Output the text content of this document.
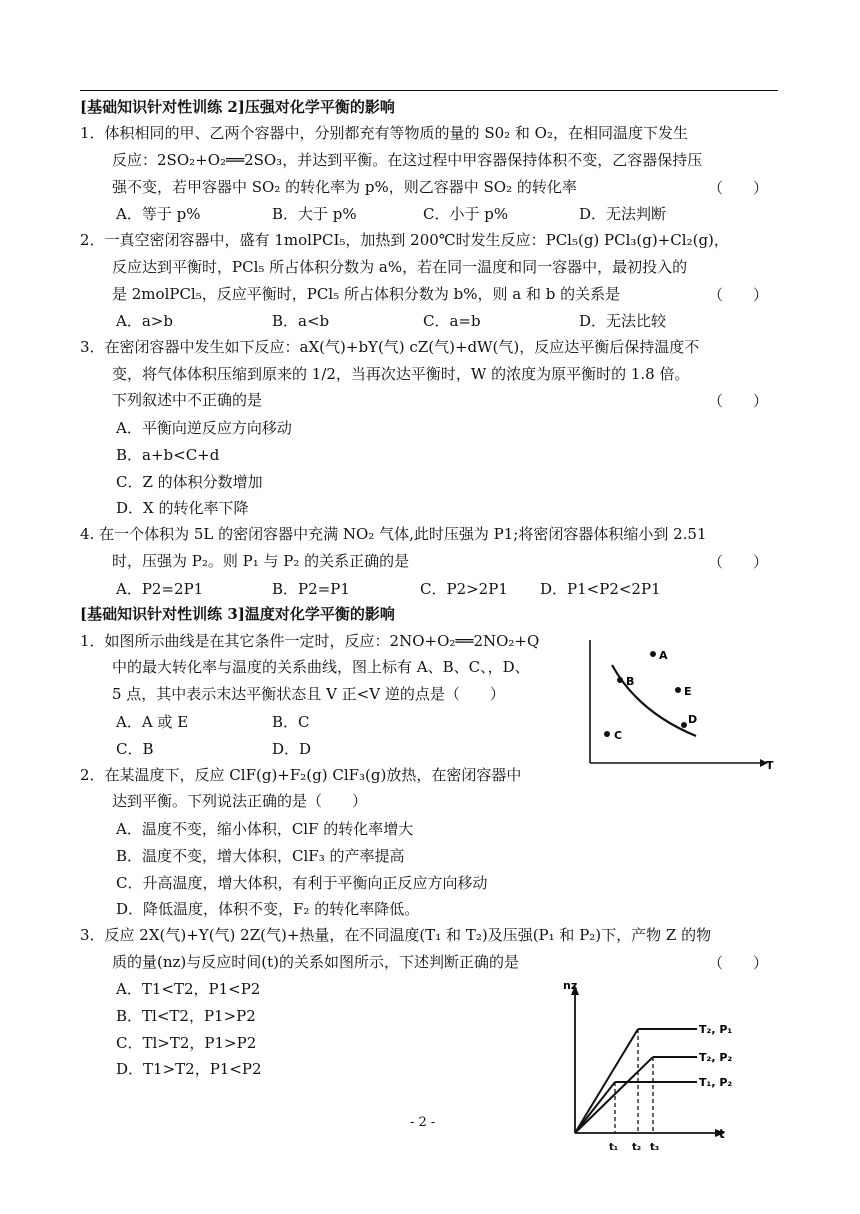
[基础知识针对性训练 2]压强对化学平衡的影响
1．体积相同的甲、乙两个容器中，分别都充有等物质的量的 S0₂ 和 O₂，在相同温度下发生
反应：2SO₂+O₂══2SO₃，并达到平衡。在这过程中甲容器保持体积不变，乙容器保持压
强不变，若甲容器中 SO₂ 的转化率为 p%，则乙容器中 SO₂ 的转化率	（　　）
A．等于 p%	B．大于 p%	C．小于 p%	D．无法判断
2．一真空密闭容器中，盛有 1molPCI₅，加热到 200℃时发生反应：PCl₅(g) PCl₃(g)+Cl₂(g)，
反应达到平衡时，PCl₅ 所占体积分数为 a%，若在同一温度和同一容器中，最初投入的
是 2molPCl₅，反应平衡时，PCl₅ 所占体积分数为 b%，则 a 和 b 的关系是	（　　）
A．a>b	B．a<b	C．a=b	D．无法比较
3．在密闭容器中发生如下反应：aX(气)+bY(气) cZ(气)+dW(气)，反应达平衡后保持温度不
变，将气体体积压缩到原来的 1/2，当再次达平衡时，W 的浓度为原平衡时的 1.8 倍。
下列叙述中不正确的是	（　　）
A．平衡向逆反应方向移动
B．a+b<C+d
C．Z 的体积分数增加
D．X 的转化率下降
4. 在一个体积为 5L 的密闭容器中充满 NO₂ 气体,此时压强为 P1;将密闭容器体积缩小到 2.51
时，压强为 P₂。则 P₁ 与 P₂ 的关系正确的是	（　　）
A．P2=2P1	B．P2=P1	C．P2>2P1 D．P1<P2<2P1
[基础知识针对性训练 3]温度对化学平衡的影响
1．如图所示曲线是在其它条件一定时，反应：2NO+O₂══2NO₂+Q
中的最大转化率与温度的关系曲线，图上标有 A、B、C、，D、
5 点，其中表示末达平衡状态且 V 正<V 逆的点是（　　）
A．A 或 E	B．C
C．B	D．D
A
B
C
D
E
T
2．在某温度下，反应 ClF(g)+F₂(g) ClF₃(g)放热，在密闭容器中
达到平衡。下列说法正确的是（　　）
A．温度不变，缩小体积，ClF 的转化率增大
B．温度不变，增大体积，ClF₃ 的产率提高
C．升高温度，增大体积，有利于平衡向正反应方向移动
D．降低温度，体积不变，F₂ 的转化率降低。
3．反应 2X(气)+Y(气) 2Z(气)+热量，在不同温度(T₁ 和 T₂)及压强(P₁ 和 P₂)下，产物 Z 的物
质的量(nz)与反应时间(t)的关系如图所示，下述判断正确的是	（　　）
A．T1<T2，P1<P2
B．Tl<T2，P1>P2
C．Tl>T2，P1>P2
D．T1>T2，P1<P2
nz
t
T₂, P₁
T₂, P₂
T₁, P₂
t₁ t₂ t₃
- 2 -
